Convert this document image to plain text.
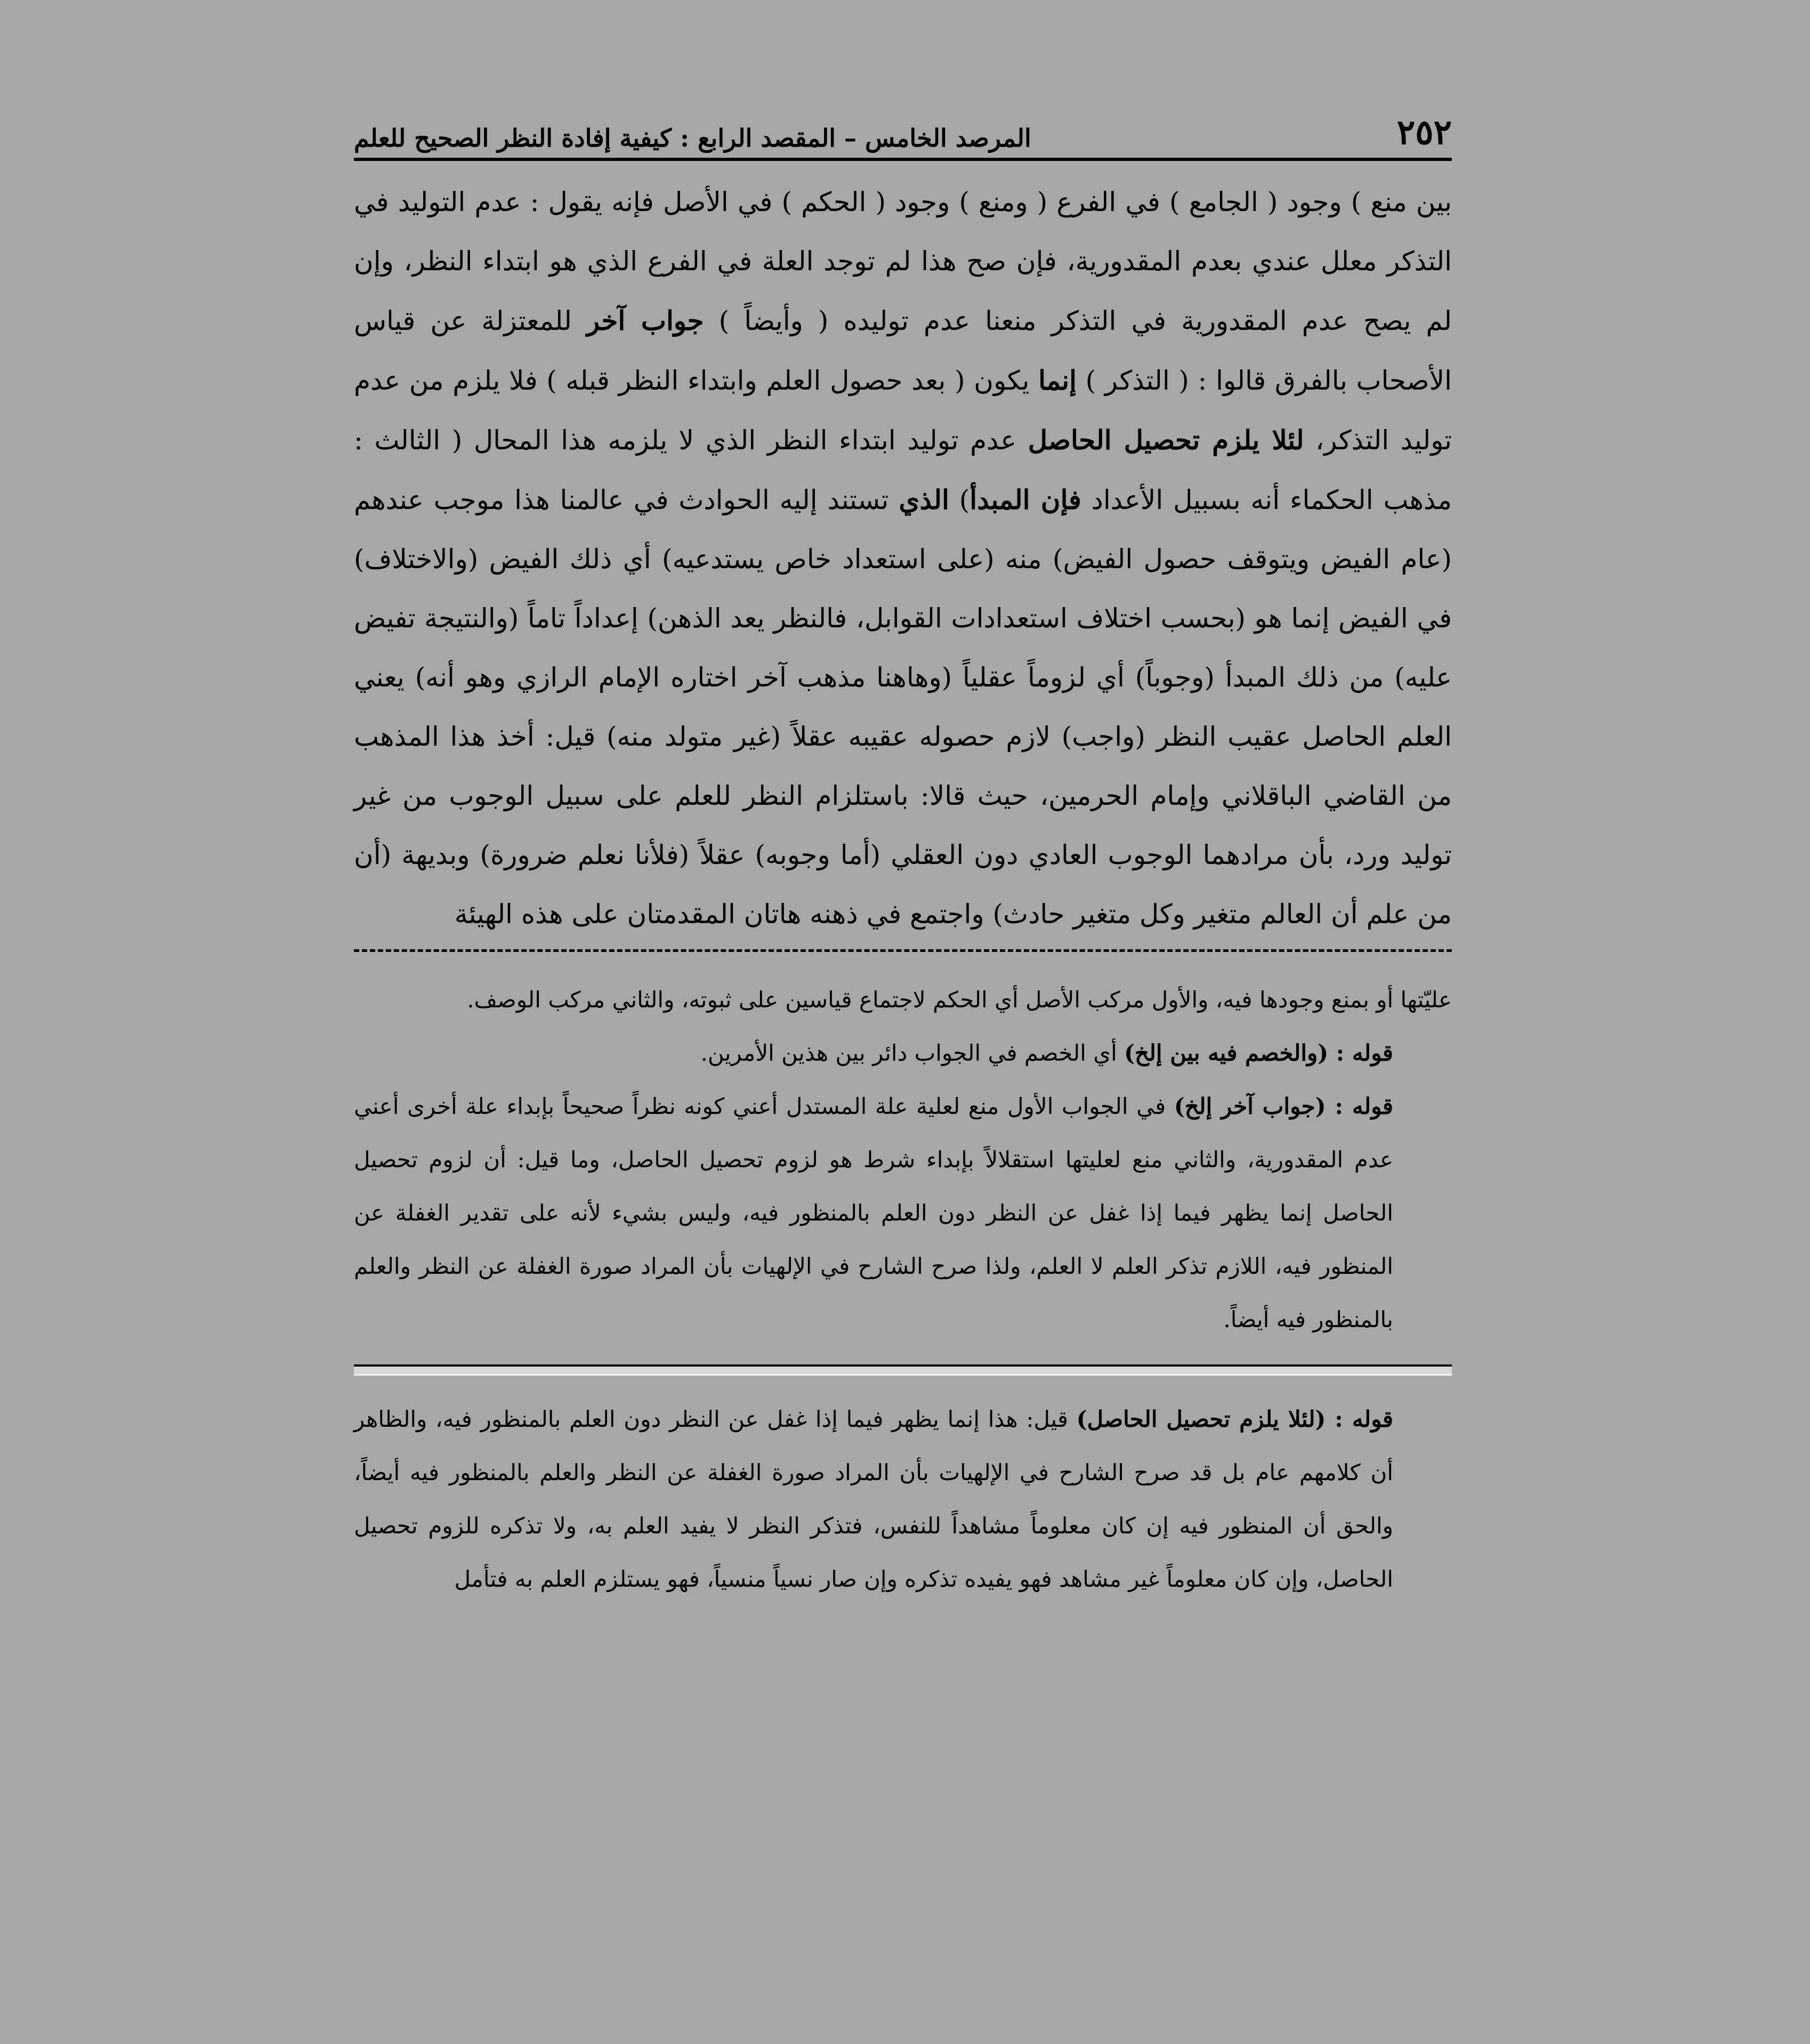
٢٥٢
المرصد الخامس – المقصد الرابع : كيفية إفادة النظر الصحيح للعلم
بين منع ) وجود ( الجامع ) في الفرع ( ومنع ) وجود ( الحكم ) في الأصل فإنه يقول : عدم التوليد في التذكر معلل عندي بعدم المقدورية، فإن صح هذا لم توجد العلة في الفرع الذي هو ابتداء النظر، وإن لم يصح عدم المقدورية في التذكر منعنا عدم توليده ( وأيضاً ) جواب آخر للمعتزلة عن قياس الأصحاب بالفرق قالوا : ( التذكر ) إنما يكون ( بعد حصول العلم وابتداء النظر قبله ) فلا يلزم من عدم توليد التذكر، لئلا يلزم تحصيل الحاصل عدم توليد ابتداء النظر الذي لا يلزمه هذا المحال ( الثالث : مذهب الحكماء أنه بسبيل الأعداد فإن المبدأ) الذي تستند إليه الحوادث في عالمنا هذا موجب عندهم (عام الفيض ويتوقف حصول الفيض) منه (على استعداد خاص يستدعيه) أي ذلك الفيض (والاختلاف) في الفيض إنما هو (بحسب اختلاف استعدادات القوابل، فالنظر يعد الذهن) إعداداً تاماً (والنتيجة تفيض عليه) من ذلك المبدأ (وجوباً) أي لزوماً عقلياً (وهاهنا مذهب آخر اختاره الإمام الرازي وهو أنه) يعني العلم الحاصل عقيب النظر (واجب) لازم حصوله عقيبه عقلاً (غير متولد منه) قيل: أخذ هذا المذهب من القاضي الباقلاني وإمام الحرمين، حيث قالا: باستلزام النظر للعلم على سبيل الوجوب من غير توليد ورد، بأن مرادهما الوجوب العادي دون العقلي (أما وجوبه) عقلاً (فلأنا نعلم ضرورة) وبديهة (أن من علم أن العالم متغير وكل متغير حادث) واجتمع في ذهنه هاتان المقدمتان على هذه الهيئة

عليّتها أو بمنع وجودها فيه، والأول مركب الأصل أي الحكم لاجتماع قياسين على ثبوته، والثاني مركب الوصف.

قوله : (والخصم فيه بين إلخ) أي الخصم في الجواب دائر بين هذين الأمرين.

قوله : (جواب آخر إلخ) في الجواب الأول منع لعلية علة المستدل أعني كونه نظراً صحيحاً بإبداء علة أخرى أعني عدم المقدورية، والثاني منع لعليتها استقلالاً بإبداء شرط هو لزوم تحصيل الحاصل، وما قيل: أن لزوم تحصيل الحاصل إنما يظهر فيما إذا غفل عن النظر دون العلم بالمنظور فيه، وليس بشيء لأنه على تقدير الغفلة عن المنظور فيه، اللازم تذكر العلم لا العلم، ولذا صرح الشارح في الإلهيات بأن المراد صورة الغفلة عن النظر والعلم بالمنظور فيه أيضاً.

قوله : (لئلا يلزم تحصيل الحاصل) قيل: هذا إنما يظهر فيما إذا غفل عن النظر دون العلم بالمنظور فيه، والظاهر أن كلامهم عام بل قد صرح الشارح في الإلهيات بأن المراد صورة الغفلة عن النظر والعلم بالمنظور فيه أيضاً، والحق أن المنظور فيه إن كان معلوماً مشاهداً للنفس، فتذكر النظر لا يفيد العلم به، ولا تذكره للزوم تحصيل الحاصل، وإن كان معلوماً غير مشاهد فهو يفيده تذكره وإن صار نسياً منسياً، فهو يستلزم العلم به فتأمل
